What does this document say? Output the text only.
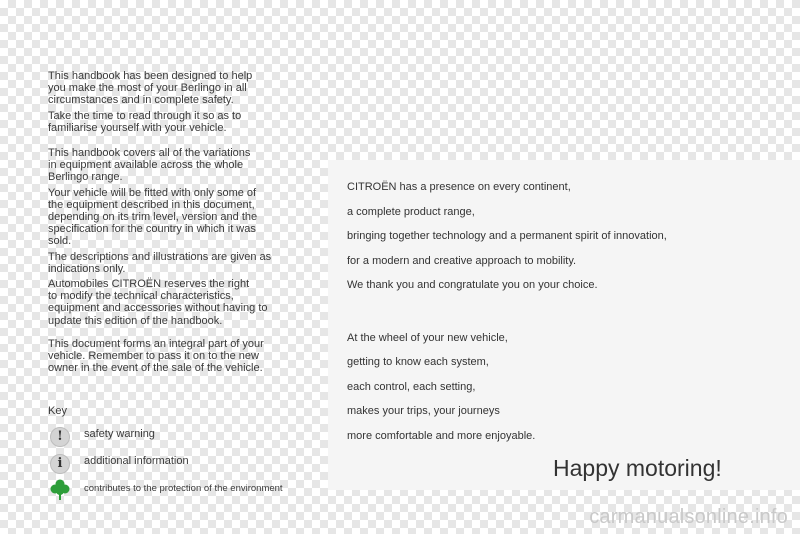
This handbook has been designed to help
you make the most of your Berlingo in all
circumstances and in complete safety.
Take the time to read through it so as to
familiarise yourself with your vehicle.
This handbook covers all of the variations
in equipment available across the whole
Berlingo range.
Your vehicle will be fitted with only some of
the equipment described in this document,
depending on its trim level, version and the
specification for the country in which it was
sold.
The descriptions and illustrations are given as
indications only.
Automobiles CITROËN reserves the right
to modify the technical characteristics,
equipment and accessories without having to
update this edition of the handbook.
This document forms an integral part of your
vehicle. Remember to pass it on to the new
owner in the event of the sale of the vehicle.
Key
!	safety warning
i	additional information
contributes to the protection of the environment
CITROËN has a presence on every continent,
a complete product range,
bringing together technology and a permanent spirit of innovation,
for a modern and creative approach to mobility.
We thank you and congratulate you on your choice.
At the wheel of your new vehicle,
getting to know each system,
each control, each setting,
makes your trips, your journeys
more comfortable and more enjoyable.
Happy motoring!
carmanualsonline.info
